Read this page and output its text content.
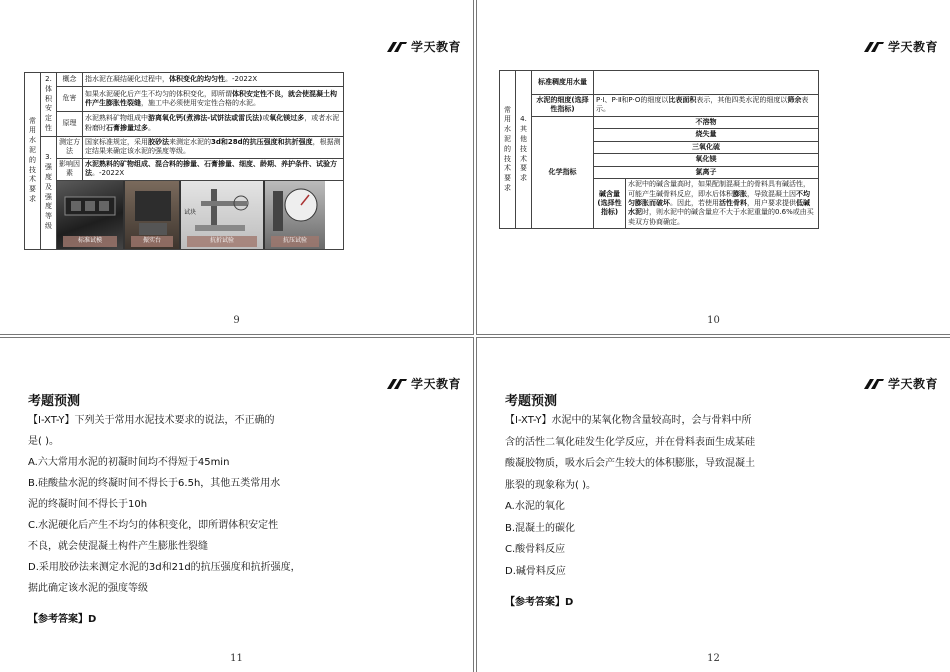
学天教育
常用水泥的技术要求	2. 体积安定性	概念	指水泥在凝结硬化过程中，体积变化的均匀性。-2022X
		危害	如果水泥硬化后产生不均匀的体积变化，即所谓体积安定性不良，就会使混凝土构件产生膨胀性裂缝，施工中必须使用安定性合格的水泥。
		原理	水泥熟料矿物组成中游离氧化钙(煮沸法-试饼法或雷氏法)或氧化镁过多，或者水泥粉磨时石膏掺量过多。
	3. 强度及强度等级	测定方法	国家标准规定，采用胶砂法来测定水泥的3d和28d的抗压强度和抗折强度，根据测定结果来确定该水泥的强度等级。
		影响因素	水泥熟料的矿物组成、混合料的掺量、石膏掺量、细度、龄期、养护条件、试验方法。-2022X

		标准试模 振实台
试块
抗折试验 抗压试验	
9
学天教育
常用水泥的技术要求	4. 其他技术要求	标准稠度用水量		
		水泥的细度(选择性指标)	P·Ⅰ、P·Ⅱ和P·O的细度以比表面积表示，其他四类水泥的细度以筛余表示。	
		化学指标	不溶物	
			烧失量	
			三氧化硫	
			氧化镁	
			氯离子	
			碱含量(选择性指标)	水泥中的碱含量高时，如果配制混凝土的骨料具有碱活性，可能产生碱骨料反应，即水后体积膨胀，导致混凝土因不均匀膨胀而破坏。因此，若使用活性骨料，用户要求提供低碱水泥时，则水泥中的碱含量应不大于水泥重量的0.6%或由买卖双方协商确定。
10
学天教育
考题预测

【Ⅰ-XT-Y】下列关于常用水泥技术要求的说法，不正确的

是( )。

A.六大常用水泥的初凝时间均不得短于45min

B.硅酸盐水泥的终凝时间不得长于6.5h，其他五类常用水

泥的终凝时间不得长于10h

C.水泥硬化后产生不均匀的体积变化，即所谓体积安定性

不良，就会使混凝土构件产生膨胀性裂缝

D.采用胶砂法来测定水泥的3d和21d的抗压强度和抗折强度，

据此确定该水泥的强度等级

【参考答案】D

11
学天教育
考题预测

【Ⅰ-XT-Y】水泥中的某氧化物含量较高时，会与骨料中所

含的活性二氧化硅发生化学反应，并在骨料表面生成某硅

酸凝胶物质，吸水后会产生较大的体积膨胀，导致混凝土

胀裂的现象称为( )。

A.水泥的氧化

B.混凝土的碳化

C.酸骨料反应

D.碱骨料反应

【参考答案】D

12
